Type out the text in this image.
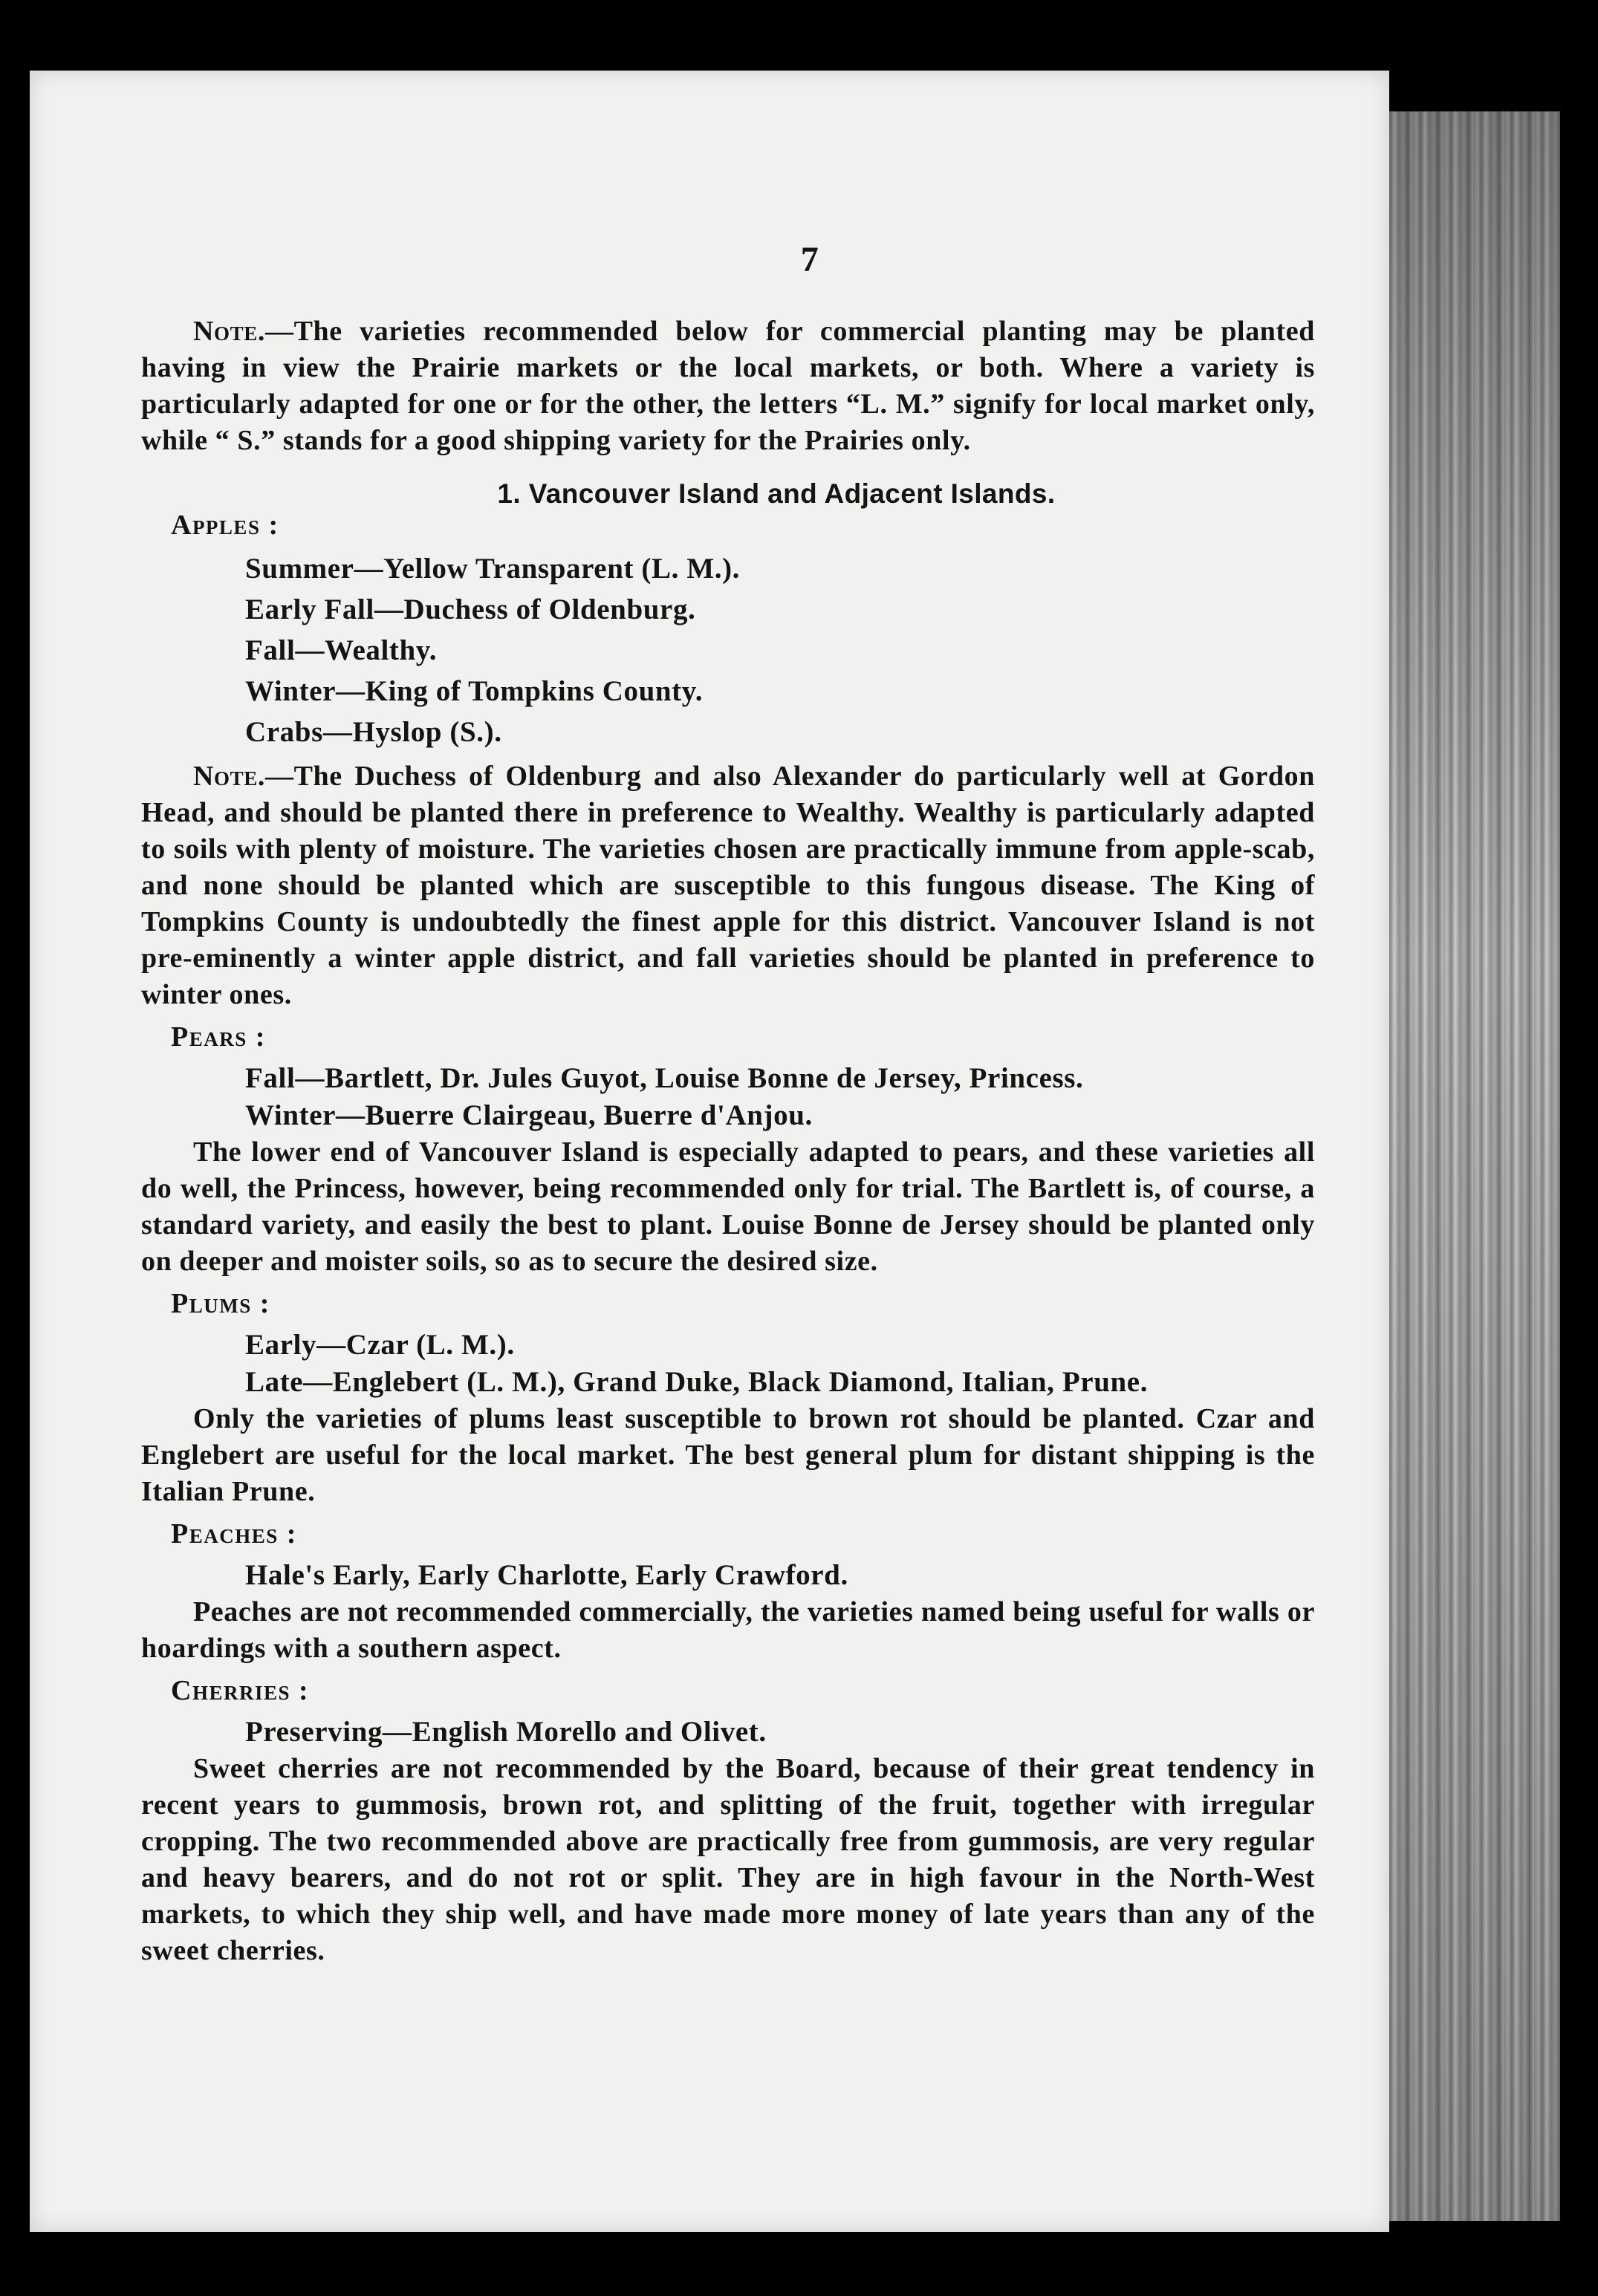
7

Note.—The varieties recommended below for commercial planting may be planted having in view the Prairie markets or the local markets, or both. Where a variety is particularly adapted for one or for the other, the letters “L. M.” signify for local market only, while “ S.” stands for a good shipping variety for the Prairies only.

1. Vancouver Island and Adjacent Islands.
Apples :
Summer—Yellow Transparent (L. M.).
Early Fall—Duchess of Oldenburg.
Fall—Wealthy.
Winter—King of Tompkins County.
Crabs—Hyslop (S.).

Note.—The Duchess of Oldenburg and also Alexander do particularly well at Gordon Head, and should be planted there in preference to Wealthy. Wealthy is particularly adapted to soils with plenty of moisture. The varieties chosen are practically immune from apple-scab, and none should be planted which are susceptible to this fungous disease. The King of Tompkins County is undoubtedly the finest apple for this district. Vancouver Island is not pre-eminently a winter apple district, and fall varieties should be planted in preference to winter ones.

Pears :
Fall—Bartlett, Dr. Jules Guyot, Louise Bonne de Jersey, Princess.
Winter—Buerre Clairgeau, Buerre d'Anjou.

The lower end of Vancouver Island is especially adapted to pears, and these varieties all do well, the Princess, however, being recommended only for trial. The Bartlett is, of course, a standard variety, and easily the best to plant. Louise Bonne de Jersey should be planted only on deeper and moister soils, so as to secure the desired size.

Plums :
Early—Czar (L. M.).
Late—Englebert (L. M.), Grand Duke, Black Diamond, Italian, Prune.

Only the varieties of plums least susceptible to brown rot should be planted. Czar and Englebert are useful for the local market. The best general plum for distant shipping is the Italian Prune.

Peaches :
Hale's Early, Early Charlotte, Early Crawford.

Peaches are not recommended commercially, the varieties named being useful for walls or hoardings with a southern aspect.

Cherries :
Preserving—English Morello and Olivet.

Sweet cherries are not recommended by the Board, because of their great tendency in recent years to gummosis, brown rot, and splitting of the fruit, together with irregular cropping. The two recommended above are practically free from gummosis, are very regular and heavy bearers, and do not rot or split. They are in high favour in the North-West markets, to which they ship well, and have made more money of late years than any of the sweet cherries.
